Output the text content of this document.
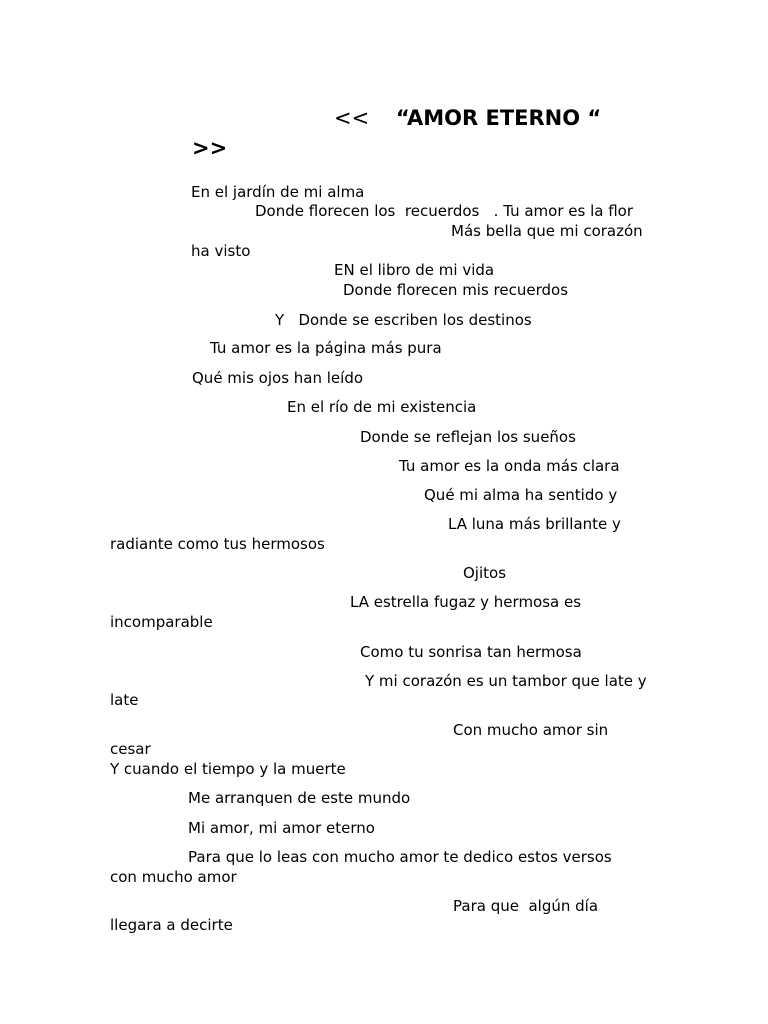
<< “AMOR ETERNO “
>>
En el jardín de mi alma
Donde florecen los  recuerdos   . Tu amor es la flor
Más bella que mi corazón
ha visto
EN el libro de mi vida
Donde florecen mis recuerdos
Y   Donde se escriben los destinos
Tu amor es la página más pura
Qué mis ojos han leído
En el río de mi existencia
Donde se reflejan los sueños
Tu amor es la onda más clara
Qué mi alma ha sentido y
LA luna más brillante y
radiante como tus hermosos
Ojitos
LA estrella fugaz y hermosa es
incomparable
Como tu sonrisa tan hermosa
Y mi corazón es un tambor que late y
late
Con mucho amor sin
cesar
Y cuando el tiempo y la muerte
Me arranquen de este mundo
Mi amor, mi amor eterno
Para que lo leas con mucho amor te dedico estos versos
con mucho amor
Para que  algún día
llegara a decirte
